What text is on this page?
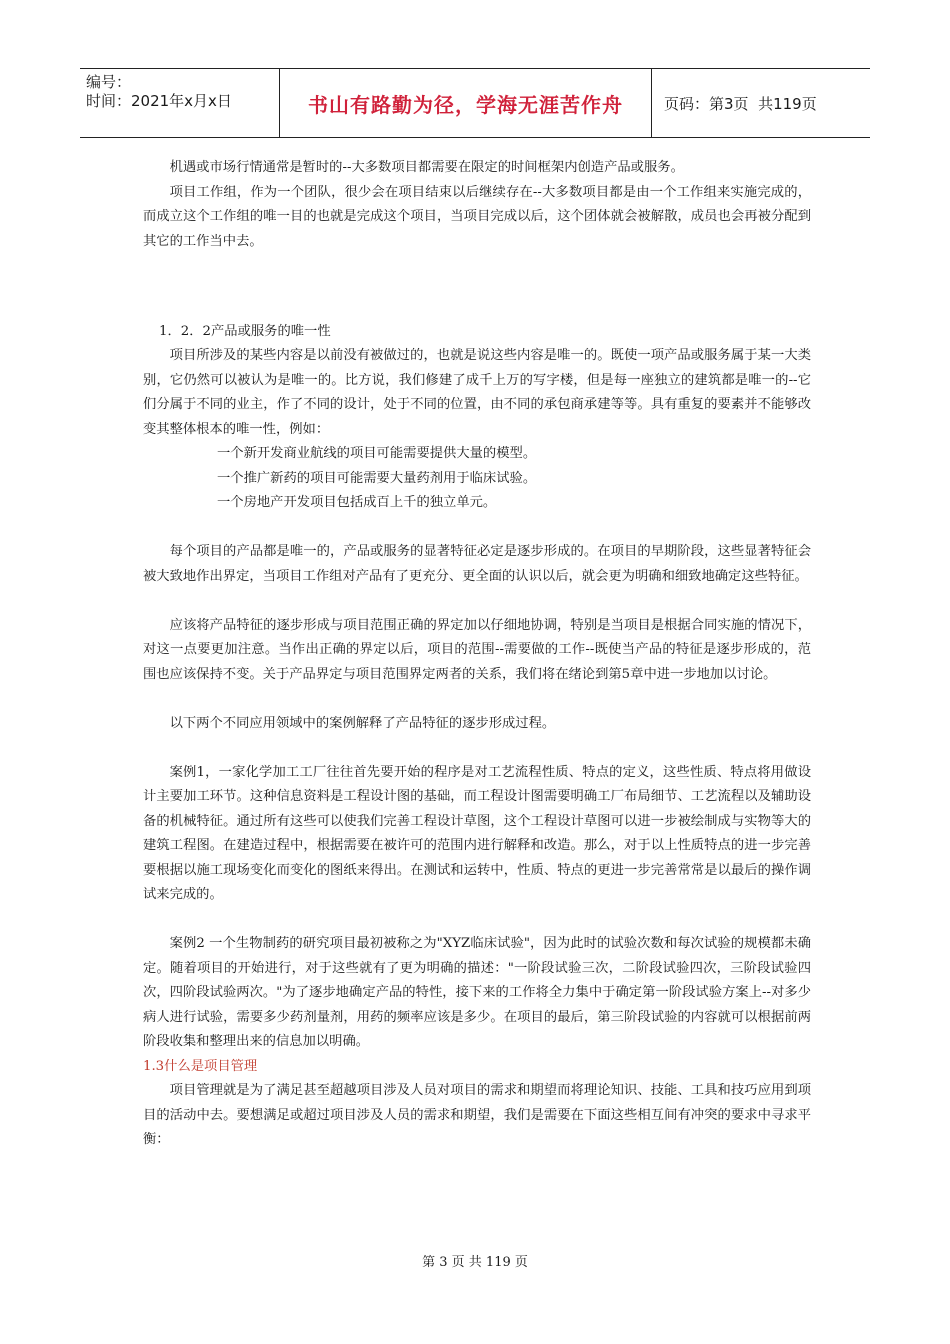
编号：
时间：2021年x月x日	书山有路勤为径，学海无涯苦作舟	页码：第3页  共119页

机遇或市场行情通常是暂时的--大多数项目都需要在限定的时间框架内创造产品或服务。

项目工作组，作为一个团队，很少会在项目结束以后继续存在--大多数项目都是由一个工作组来实施完成的，而成立这个工作组的唯一目的也就是完成这个项目，当项目完成以后，这个团体就会被解散，成员也会再被分配到其它的工作当中去。

1．2．2产品或服务的唯一性

项目所涉及的某些内容是以前没有被做过的，也就是说这些内容是唯一的。既使一项产品或服务属于某一大类别，它仍然可以被认为是唯一的。比方说，我们修建了成千上万的写字楼，但是每一座独立的建筑都是唯一的--它们分属于不同的业主，作了不同的设计，处于不同的位置，由不同的承包商承建等等。具有重复的要素并不能够改变其整体根本的唯一性，例如：

一个新开发商业航线的项目可能需要提供大量的模型。

一个推广新药的项目可能需要大量药剂用于临床试验。

一个房地产开发项目包括成百上千的独立单元。

每个项目的产品都是唯一的，产品或服务的显著特征必定是逐步形成的。在项目的早期阶段，这些显著特征会被大致地作出界定，当项目工作组对产品有了更充分、更全面的认识以后，就会更为明确和细致地确定这些特征。

应该将产品特征的逐步形成与项目范围正确的界定加以仔细地协调，特别是当项目是根据合同实施的情况下，对这一点要更加注意。当作出正确的界定以后，项目的范围--需要做的工作--既使当产品的特征是逐步形成的，范围也应该保持不变。关于产品界定与项目范围界定两者的关系，我们将在绪论到第5章中进一步地加以讨论。

以下两个不同应用领域中的案例解释了产品特征的逐步形成过程。

案例1，一家化学加工工厂往往首先要开始的程序是对工艺流程性质、特点的定义，这些性质、特点将用做设计主要加工环节。这种信息资料是工程设计图的基础，而工程设计图需要明确工厂布局细节、工艺流程以及辅助设备的机械特征。通过所有这些可以使我们完善工程设计草图，这个工程设计草图可以进一步被绘制成与实物等大的建筑工程图。在建造过程中，根据需要在被许可的范围内进行解释和改造。那么，对于以上性质特点的进一步完善要根据以施工现场变化而变化的图纸来得出。在测试和运转中，性质、特点的更进一步完善常常是以最后的操作调试来完成的。

案例2 一个生物制药的研究项目最初被称之为"XYZ临床试验"，因为此时的试验次数和每次试验的规模都未确定。随着项目的开始进行，对于这些就有了更为明确的描述："一阶段试验三次，二阶段试验四次，三阶段试验四次，四阶段试验两次。"为了逐步地确定产品的特性，接下来的工作将全力集中于确定第一阶段试验方案上--对多少病人进行试验，需要多少药剂量剂，用药的频率应该是多少。在项目的最后，第三阶段试验的内容就可以根据前两阶段收集和整理出来的信息加以明确。

1.3什么是项目管理

项目管理就是为了满足甚至超越项目涉及人员对项目的需求和期望而将理论知识、技能、工具和技巧应用到项目的活动中去。要想满足或超过项目涉及人员的需求和期望，我们是需要在下面这些相互间有冲突的要求中寻求平衡：

第 3 页 共 119 页
